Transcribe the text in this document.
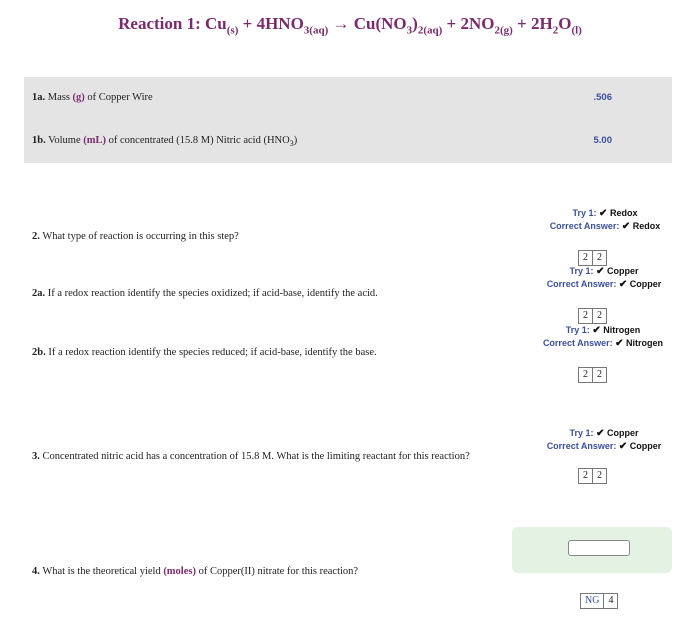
Reaction 1: $Cu_{(s)} + 4HNO_{3(aq)} \to Cu(NO_3)_{2(aq)} + 2NO_{2(g)} + 2H_2O_{(l)}$
1a. Mass (g) of Copper Wire	.506
1b. Volume (mL) of concentrated (15.8 M) Nitric acid $(HNO_3)$	5.00
2. What type of reaction is occurring in this step?
Try 1: ✔ Redox
Correct Answer: ✔ Redox
2 2
2a. If a redox reaction identify the species oxidized; if acid-base, identify the acid.
Try 1: ✔ Copper
Correct Answer: ✔ Copper
2 2
2b. If a redox reaction identify the species reduced; if acid-base, identify the base.
Try 1: ✔ Nitrogen
Correct Answer: ✔ Nitrogen
2 2
3. Concentrated nitric acid has a concentration of 15.8 M. What is the limiting reactant for this reaction?
Try 1: ✔ Copper
Correct Answer: ✔ Copper
2 2
4. What is the theoretical yield (moles) of Copper(II) nitrate for this reaction?
NG 4
